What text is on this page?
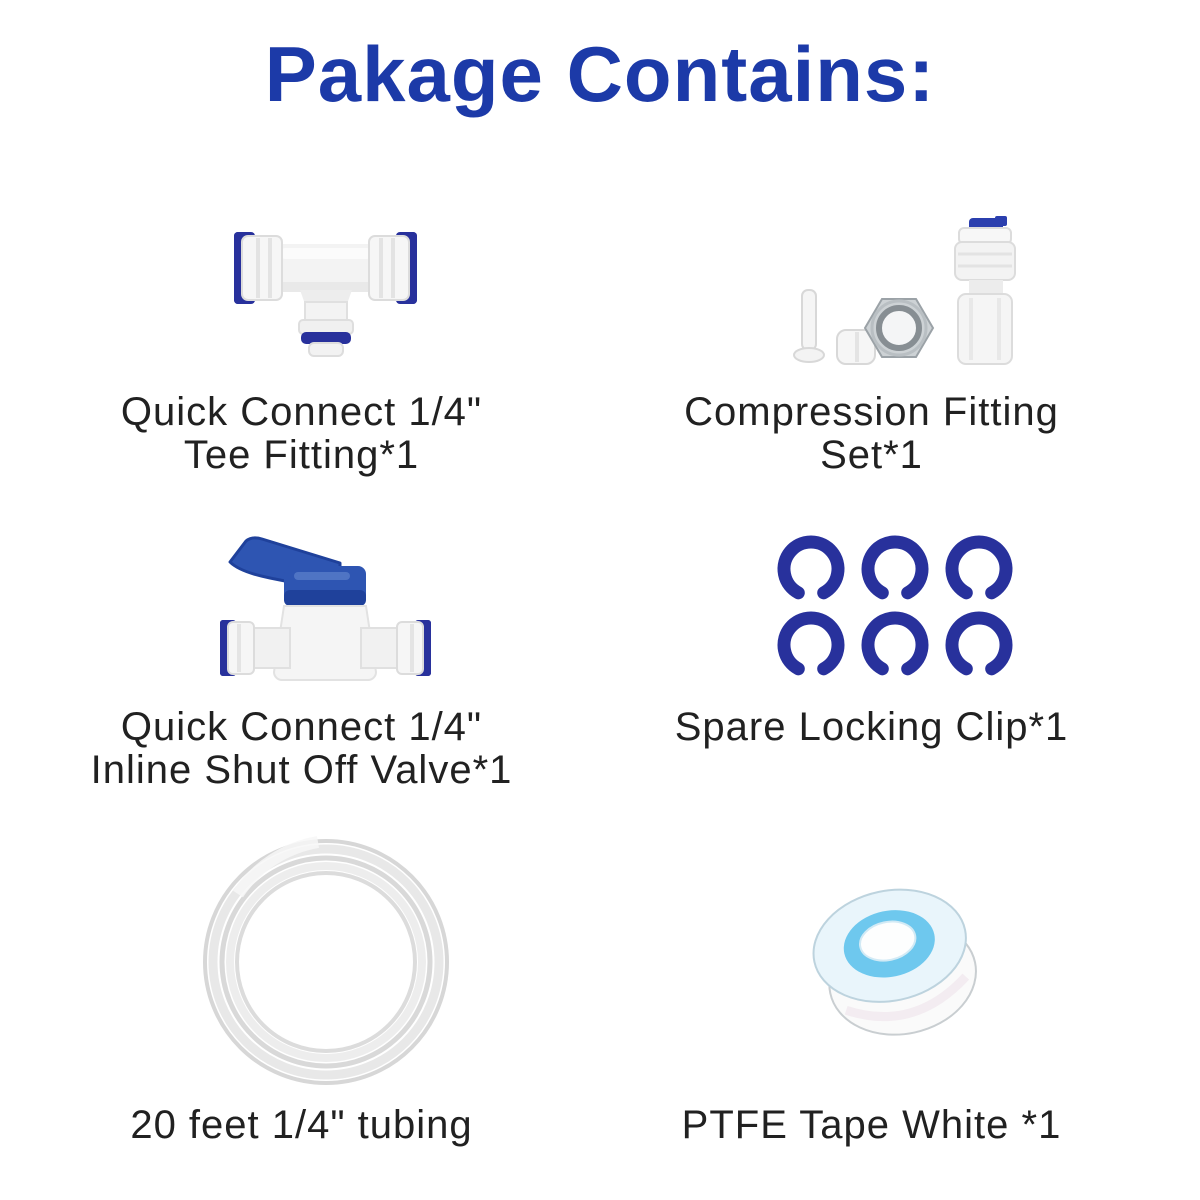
Pakage Contains:
Quick Connect 1/4"
Tee Fitting*1
Compression Fitting
Set*1
Quick Connect 1/4"
Inline Shut Off Valve*1
Spare Locking Clip*1
20 feet 1/4" tubing	PTFE Tape White *1
